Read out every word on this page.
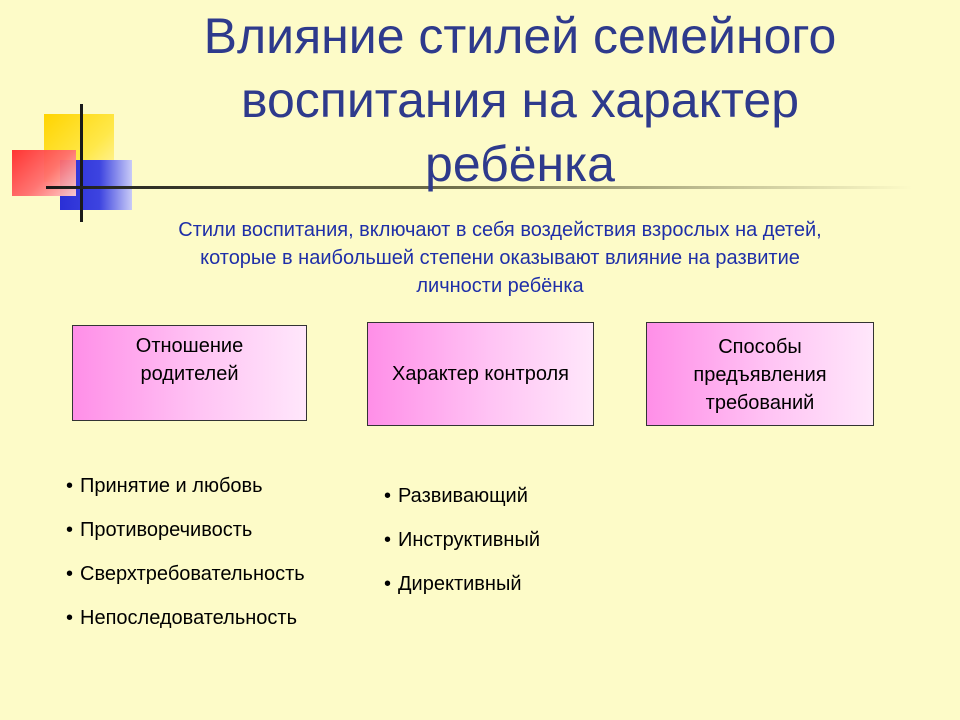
Влияние стилей семейного
воспитания на характер
ребёнка
Стили воспитания, включают в себя воздействия взрослых на детей,
которые в наибольшей степени оказывают влияние на развитие
личности ребёнка
Отношение
родителей	Характер контроля
Способы
предъявления
требований
• Принятие и любовь
• Противоречивость
• Сверхтребовательность
• Непоследовательность
• Развивающий
• Инструктивный
• Директивный
